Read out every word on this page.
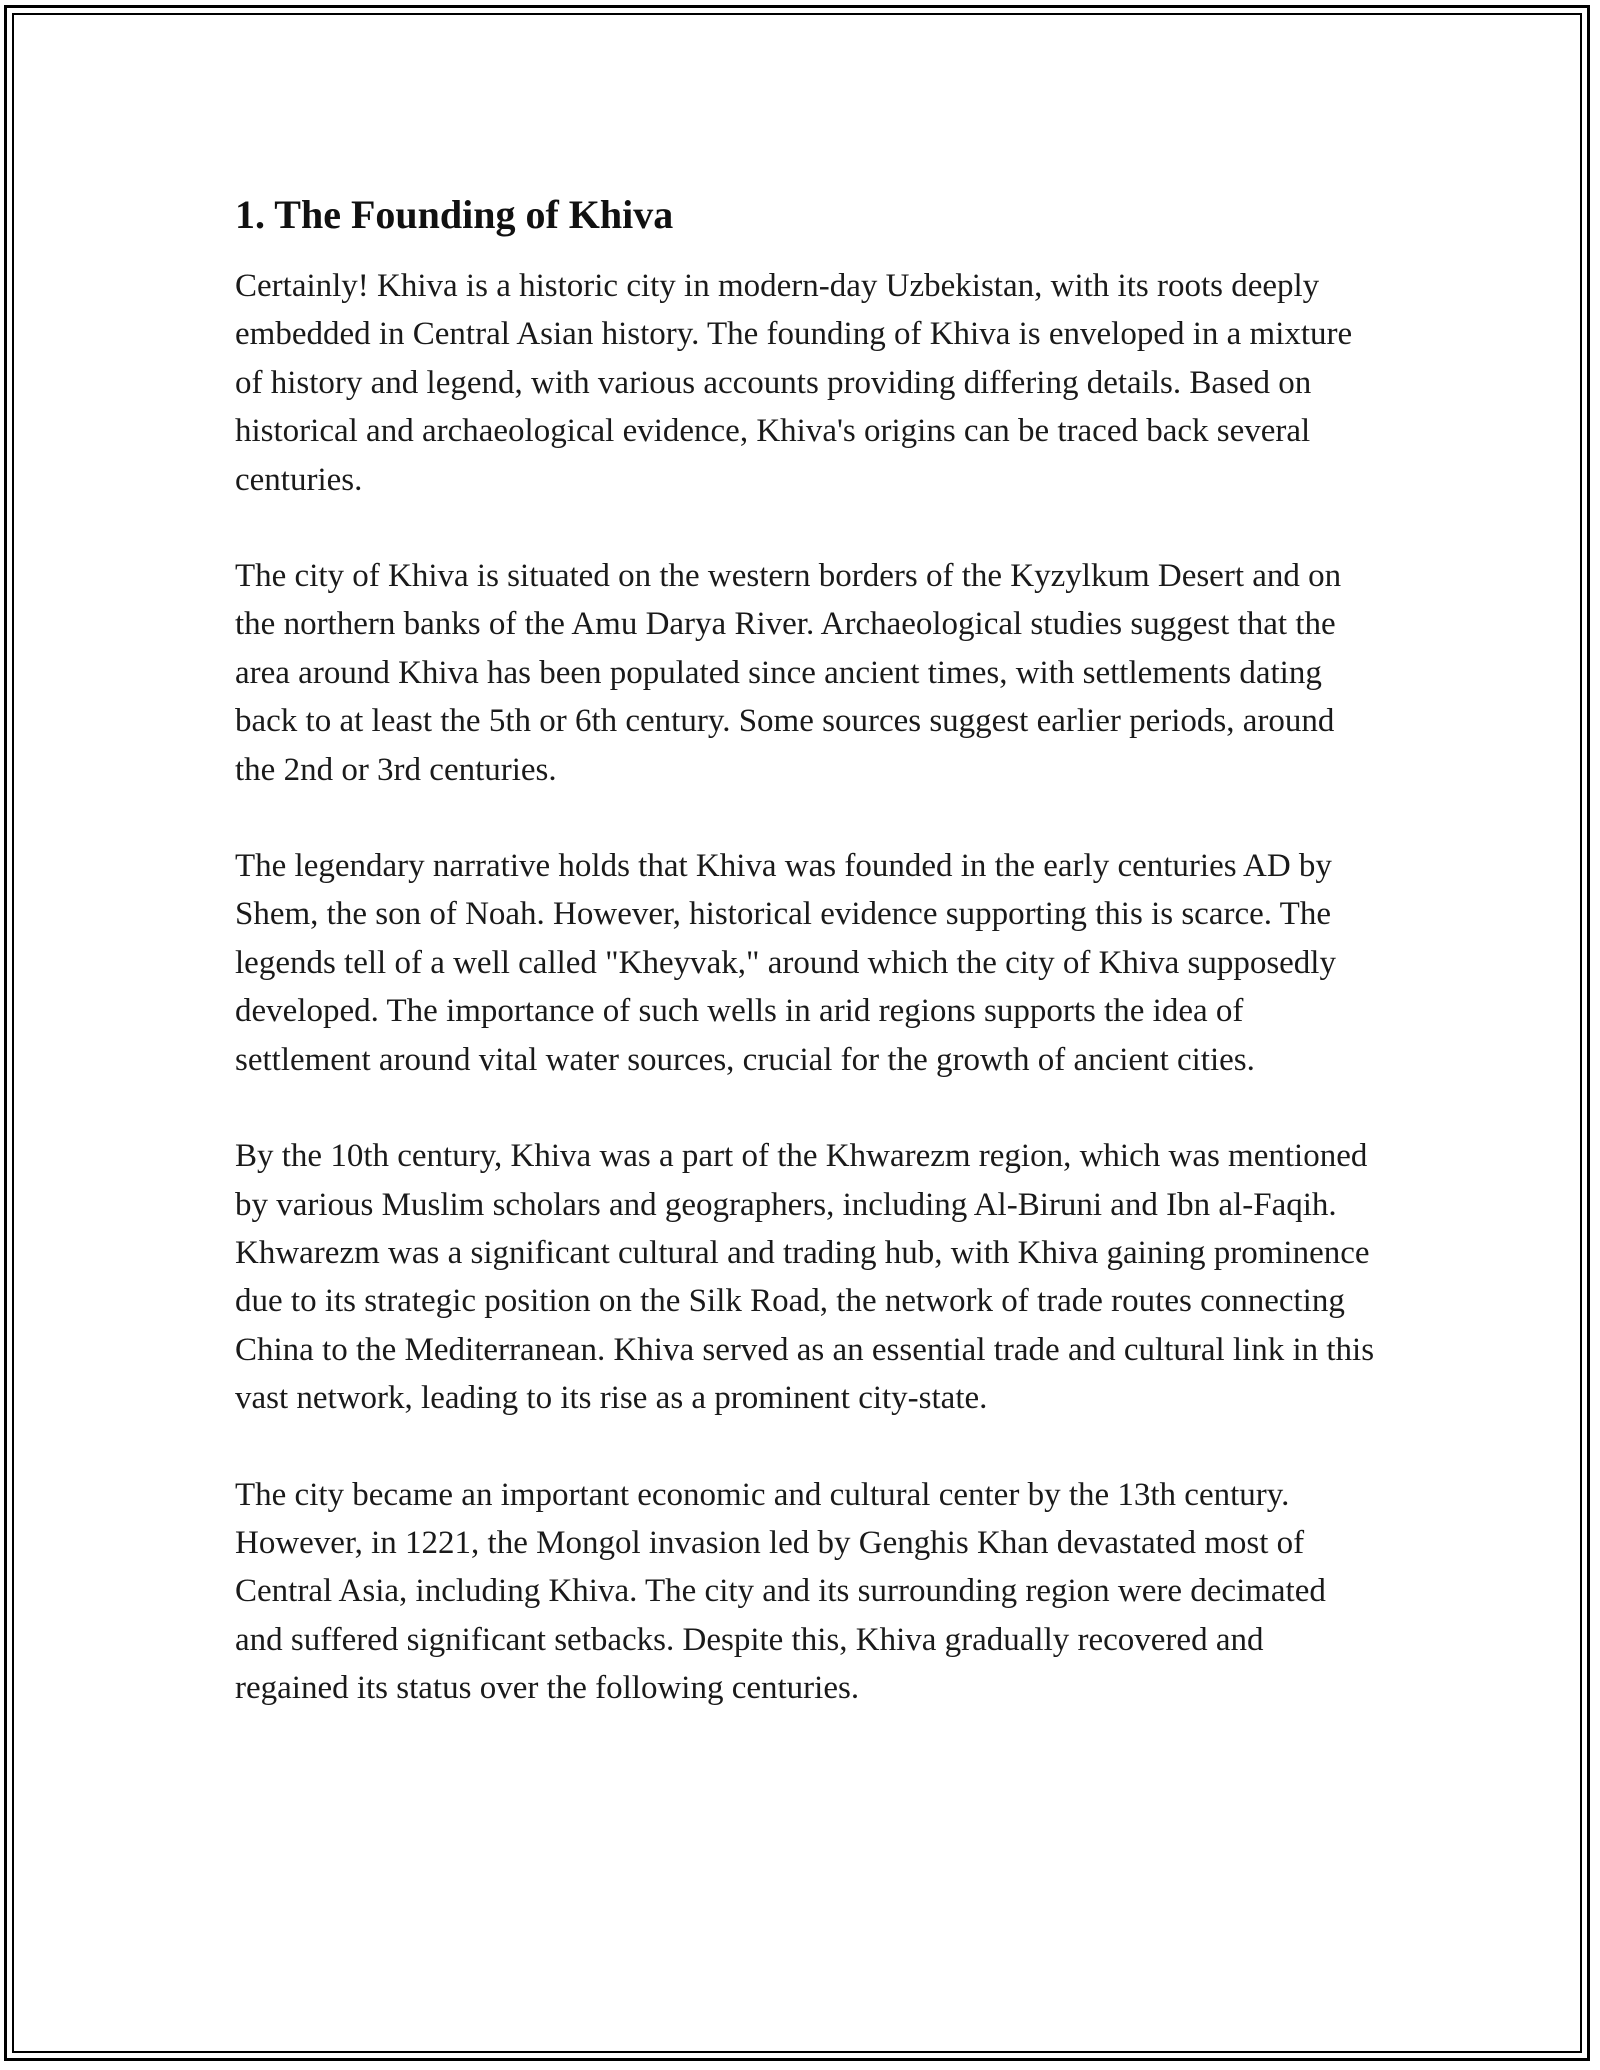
1. The Founding of Khiva

Certainly! Khiva is a historic city in modern-day Uzbekistan, with its roots deeply embedded in Central Asian history. The founding of Khiva is enveloped in a mixture of history and legend, with various accounts providing differing details. Based on historical and archaeological evidence, Khiva's origins can be traced back several centuries.

The city of Khiva is situated on the western borders of the Kyzylkum Desert and on the northern banks of the Amu Darya River. Archaeological studies suggest that the area around Khiva has been populated since ancient times, with settlements dating back to at least the 5th or 6th century. Some sources suggest earlier periods, around the 2nd or 3rd centuries.

The legendary narrative holds that Khiva was founded in the early centuries AD by Shem, the son of Noah. However, historical evidence supporting this is scarce. The legends tell of a well called "Kheyvak," around which the city of Khiva supposedly developed. The importance of such wells in arid regions supports the idea of settlement around vital water sources, crucial for the growth of ancient cities.

By the 10th century, Khiva was a part of the Khwarezm region, which was mentioned by various Muslim scholars and geographers, including Al-Biruni and Ibn al-Faqih. Khwarezm was a significant cultural and trading hub, with Khiva gaining prominence due to its strategic position on the Silk Road, the network of trade routes connecting China to the Mediterranean. Khiva served as an essential trade and cultural link in this vast network, leading to its rise as a prominent city-state.

The city became an important economic and cultural center by the 13th century. However, in 1221, the Mongol invasion led by Genghis Khan devastated most of Central Asia, including Khiva. The city and its surrounding region were decimated and suffered significant setbacks. Despite this, Khiva gradually recovered and regained its status over the following centuries.
